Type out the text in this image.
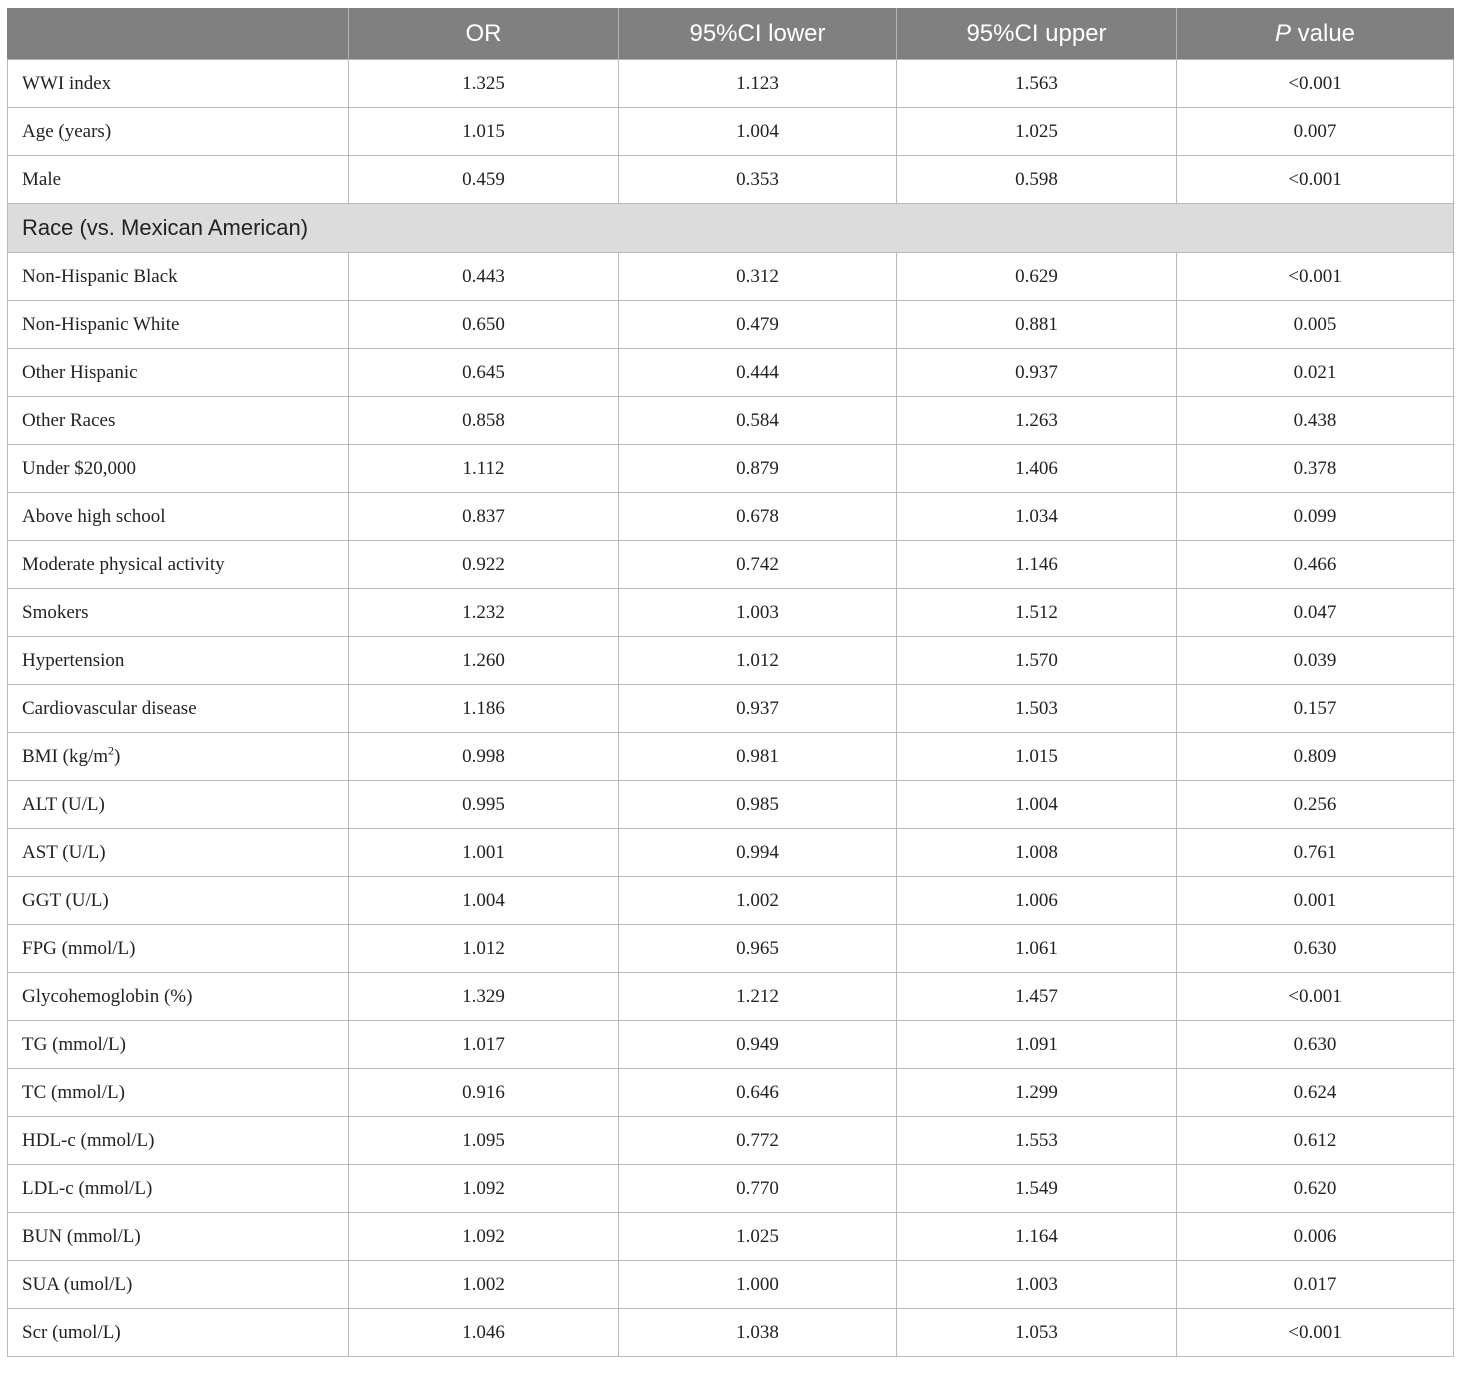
	OR	95%CI lower	95%CI upper	P value
WWI index	1.325	1.123	1.563	<0.001
Age (years)	1.015	1.004	1.025	0.007
Male	0.459	0.353	0.598	<0.001
Race (vs. Mexican American)				
Non-Hispanic Black	0.443	0.312	0.629	<0.001
Non-Hispanic White	0.650	0.479	0.881	0.005
Other Hispanic	0.645	0.444	0.937	0.021
Other Races	0.858	0.584	1.263	0.438
Under $20,000	1.112	0.879	1.406	0.378
Above high school	0.837	0.678	1.034	0.099
Moderate physical activity	0.922	0.742	1.146	0.466
Smokers	1.232	1.003	1.512	0.047
Hypertension	1.260	1.012	1.570	0.039
Cardiovascular disease	1.186	0.937	1.503	0.157
BMI $(kg/m^2)$	0.998	0.981	1.015	0.809
ALT (U/L)	0.995	0.985	1.004	0.256
AST (U/L)	1.001	0.994	1.008	0.761
GGT (U/L)	1.004	1.002	1.006	0.001
FPG (mmol/L)	1.012	0.965	1.061	0.630
Glycohemoglobin (%)	1.329	1.212	1.457	<0.001
TG (mmol/L)	1.017	0.949	1.091	0.630
TC (mmol/L)	0.916	0.646	1.299	0.624
HDL-c (mmol/L)	1.095	0.772	1.553	0.612
LDL-c (mmol/L)	1.092	0.770	1.549	0.620
BUN (mmol/L)	1.092	1.025	1.164	0.006
SUA (umol/L)	1.002	1.000	1.003	0.017
Scr (umol/L)	1.046	1.038	1.053	<0.001
